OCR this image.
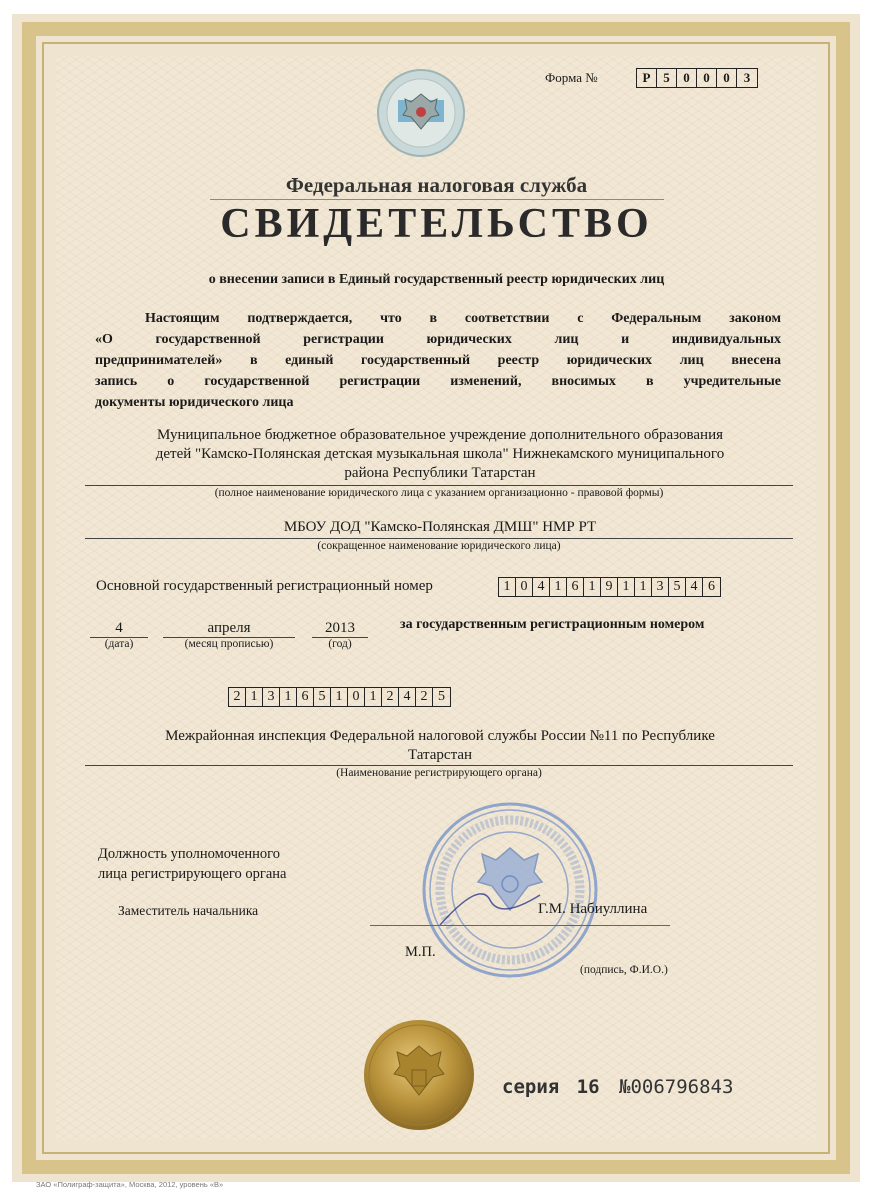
Форма №	Р 5	0	0	0	3
Федеральная налоговая служба
СВИДЕТЕЛЬСТВО
о внесении записи в Единый государственный реестр юридических лиц
Настоящим подтверждается, что в соответствии с Федеральным законом
«О	государственной	регистрации	юридических	лиц	и	индивидуальных
предпринимателей» в единый государственный реестр юридических лиц внесена
запись о государственной регистрации изменений, вносимых в учредительные
документы юридического лица
Муниципальное бюджетное образовательное учреждение дополнительного образования
детей "Камско-Полянская детская музыкальная школа" Нижнекамского муниципального
района Республики Татарстан
(полное наименование юридического лица с указанием организационно - правовой формы)
МБОУ ДОД "Камско-Полянская ДМШ" НМР РТ
(сокращенное наименование юридического лица)
Основной государственный регистрационный номер	1 0 4 1 6 1 9 1 1 3 5 4 6
4
(дата)
апреля
(месяц прописью)
2013
(год)
за государственным регистрационным номером
2 1 3 1 6 5 1 0 1 2 4 2 5
Межрайонная инспекция Федеральной налоговой службы России №11 по Республике
Татарстан
(Наименование регистрирующего органа)
Должность уполномоченного
лица регистрирующего органа
Заместитель начальника	Г.М. Набиуллина
М.П.
(подпись, Ф.И.О.)
серия 16 №006796843
ЗАО «Полиграф-защита», Москва, 2012, уровень «В»
